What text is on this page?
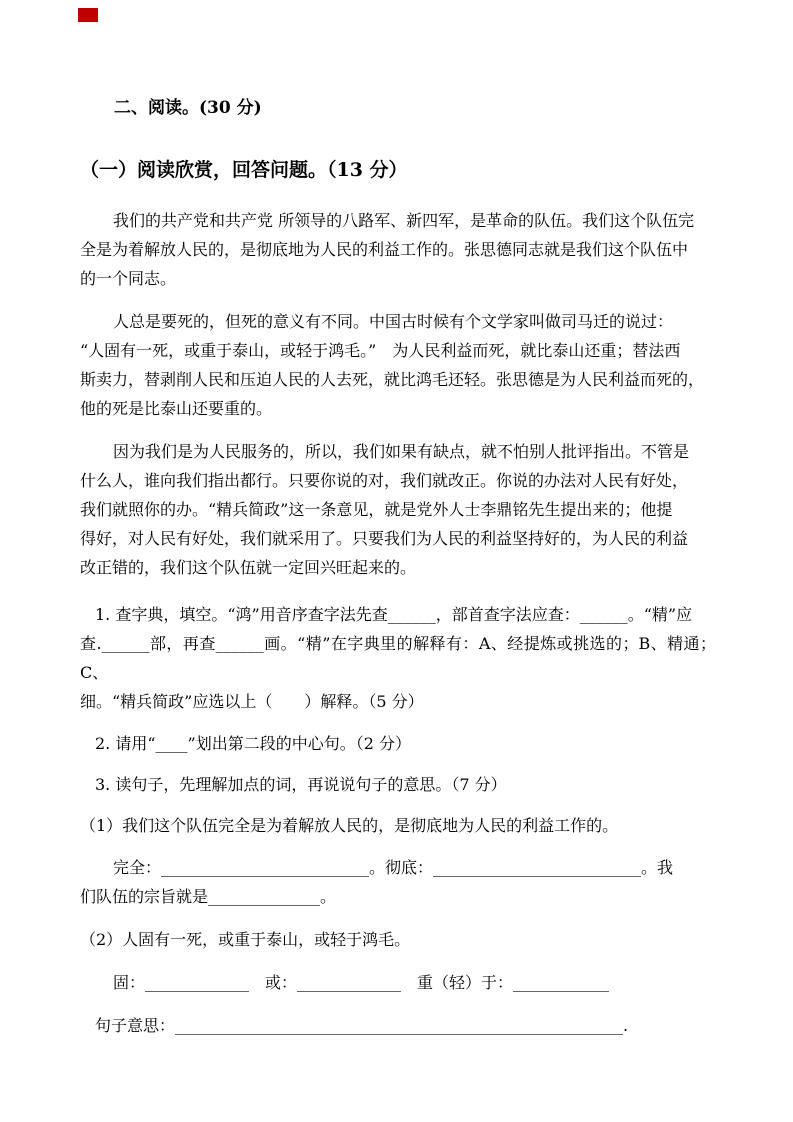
二、阅读。(30 分)
（一）阅读欣赏，回答问题。（13 分）
我们的共产党和共产党 所领导的八路军、新四军，是革命的队伍。我们这个队伍完
全是为着解放人民的，是彻底地为人民的利益工作的。张思德同志就是我们这个队伍中
的一个同志。
人总是要死的，但死的意义有不同。中国古时候有个文学家叫做司马迁的说过：
“人固有一死，或重于泰山，或轻于鸿毛。”　为人民利益而死，就比泰山还重；替法西
斯卖力，替剥削人民和压迫人民的人去死，就比鸿毛还轻。张思德是为人民利益而死的，
他的死是比泰山还要重的。
因为我们是为人民服务的，所以，我们如果有缺点，就不怕别人批评指出。不管是
什么人，谁向我们指出都行。只要你说的对，我们就改正。你说的办法对人民有好处，
我们就照你的办。“精兵简政”这一条意见，就是党外人士李鼎铭先生提出来的；他提
得好，对人民有好处，我们就采用了。只要我们为人民的利益坚持好的，为人民的利益
改正错的，我们这个队伍就一定回兴旺起来的。
1. 查字典，填空。“鸿”用音序查字法先查______，部首查字法应查：______。“精”应
查.______部，再查______画。“精”在字典里的解释有：A、经提炼或挑选的；B、精通；C、
细。“精兵简政”应选以上（　　）解释。（5 分）
2. 请用“____”划出第二段的中心句。（2 分）
3. 读句子，先理解加点的词，再说说句子的意思。（7 分）
（1）我们这个队伍完全是为着解放人民的，是彻底地为人民的利益工作的。
完全：__________________________。彻底：__________________________。我
们队伍的宗旨就是______________。
（2）人固有一死，或重于泰山，或轻于鸿毛。
固：_____________　或：_____________　重（轻）于：____________
句子意思：________________________________________________________.
